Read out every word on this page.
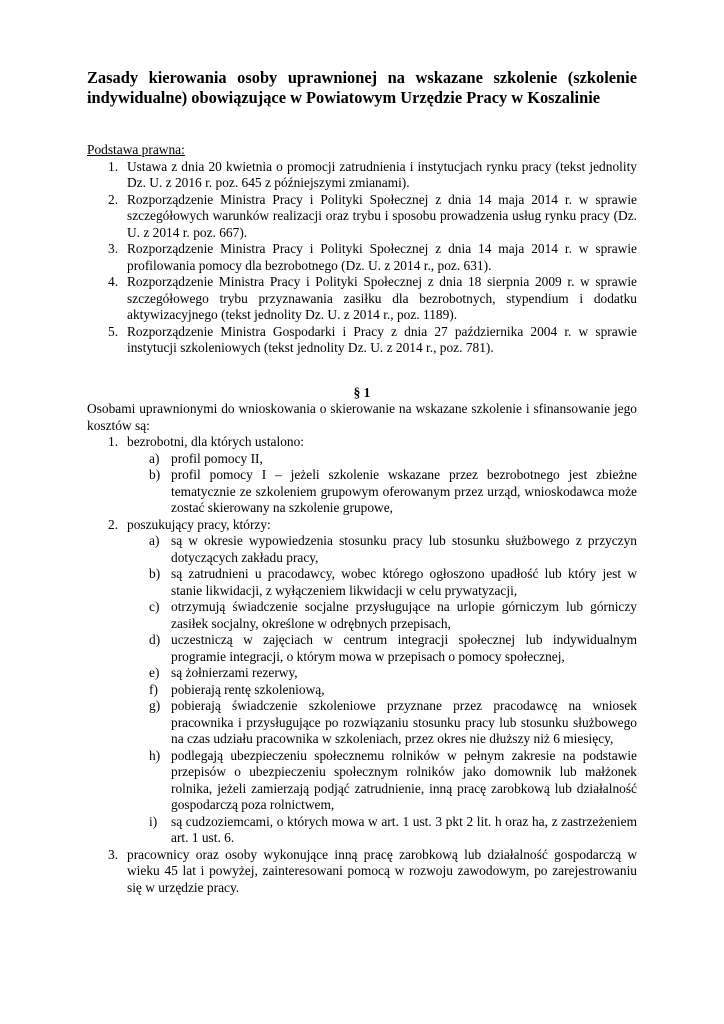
Zasady kierowania osoby uprawnionej na wskazane szkolenie (szkolenie indywidualne) obowiązujące w Powiatowym Urzędzie Pracy w Koszalinie

Podstawa prawna:

1. Ustawa z dnia 20 kwietnia o promocji zatrudnienia i instytucjach rynku pracy (tekst jednolity Dz. U. z 2016 r. poz. 645 z późniejszymi zmianami).
2. Rozporządzenie Ministra Pracy i Polityki Społecznej z dnia 14 maja 2014 r. w sprawie szczegółowych warunków realizacji oraz trybu i sposobu prowadzenia usług rynku pracy (Dz. U. z 2014 r. poz. 667).
3. Rozporządzenie Ministra Pracy i Polityki Społecznej z dnia 14 maja 2014 r. w sprawie profilowania pomocy dla bezrobotnego (Dz. U. z 2014 r., poz. 631).
4. Rozporządzenie Ministra Pracy i Polityki Społecznej z dnia 18 sierpnia 2009 r. w sprawie szczegółowego trybu przyznawania zasiłku dla bezrobotnych, stypendium i dodatku aktywizacyjnego (tekst jednolity Dz. U. z 2014 r., poz. 1189).
5. Rozporządzenie Ministra Gospodarki i Pracy z dnia 27 października 2004 r. w sprawie instytucji szkoleniowych (tekst jednolity Dz. U. z 2014 r., poz. 781).

§ 1

Osobami uprawnionymi do wnioskowania o skierowanie na wskazane szkolenie i sfinansowanie jego kosztów są:

1. bezrobotni, dla których ustalono:
a) profil pomocy II,
b) profil pomocy I – jeżeli szkolenie wskazane przez bezrobotnego jest zbieżne tematycznie ze szkoleniem grupowym oferowanym przez urząd, wnioskodawca może zostać skierowany na szkolenie grupowe,
2. poszukujący pracy, którzy:
a) są w okresie wypowiedzenia stosunku pracy lub stosunku służbowego z przyczyn dotyczących zakładu pracy,
b) są zatrudnieni u pracodawcy, wobec którego ogłoszono upadłość lub który jest w stanie likwidacji, z wyłączeniem likwidacji w celu prywatyzacji,
c) otrzymują świadczenie socjalne przysługujące na urlopie górniczym lub górniczy zasiłek socjalny, określone w odrębnych przepisach,
d) uczestniczą w zajęciach w centrum integracji społecznej lub indywidualnym programie integracji, o którym mowa w przepisach o pomocy społecznej,
e) są żołnierzami rezerwy,
f) pobierają rentę szkoleniową,
g) pobierają świadczenie szkoleniowe przyznane przez pracodawcę na wniosek pracownika i przysługujące po rozwiązaniu stosunku pracy lub stosunku służbowego na czas udziału pracownika w szkoleniach, przez okres nie dłuższy niż 6 miesięcy,
h) podlegają ubezpieczeniu społecznemu rolników w pełnym zakresie na podstawie przepisów o ubezpieczeniu społecznym rolników jako domownik lub małżonek rolnika, jeżeli zamierzają podjąć zatrudnienie, inną pracę zarobkową lub działalność gospodarczą poza rolnictwem,
i) są cudzoziemcami, o których mowa w art. 1 ust. 3 pkt 2 lit. h oraz ha, z zastrzeżeniem art. 1 ust. 6.
3. pracownicy oraz osoby wykonujące inną pracę zarobkową lub działalność gospodarczą w wieku 45 lat i powyżej, zainteresowani pomocą w rozwoju zawodowym, po zarejestrowaniu się w urzędzie pracy.
